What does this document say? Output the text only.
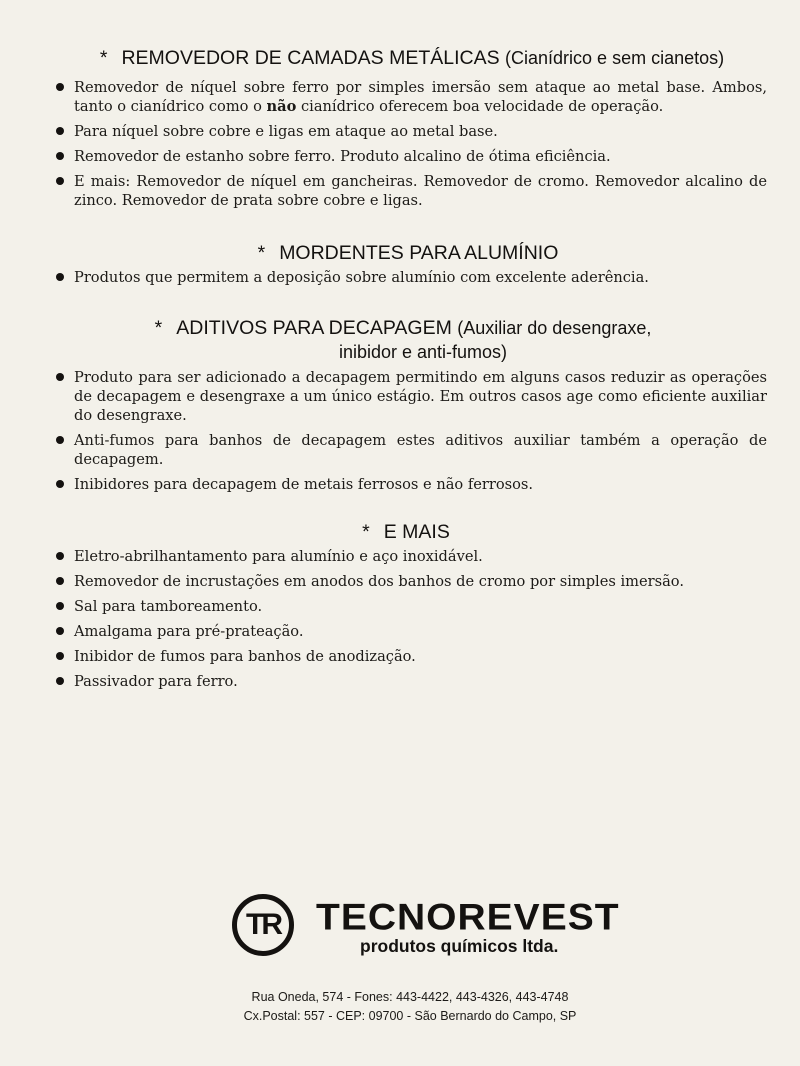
* REMOVEDOR DE CAMADAS METÁLICAS (Cianídrico e sem cianetos)
Removedor de níquel sobre ferro por simples imersão sem ataque ao metal base. Ambos, tanto o cianídrico como o não cianídrico oferecem boa velocidade de operação.
Para níquel sobre cobre e ligas em ataque ao metal base.
Removedor de estanho sobre ferro. Produto alcalino de ótima eficiência.
E mais: Removedor de níquel em gancheiras. Removedor de cromo. Removedor alcalino de zinco. Removedor de prata sobre cobre e ligas.
* MORDENTES PARA ALUMÍNIO
Produtos que permitem a deposição sobre alumínio com excelente aderência.
* ADITIVOS PARA DECAPAGEM (Auxiliar do desengraxe,
inibidor e anti-fumos)
Produto para ser adicionado a decapagem permitindo em alguns casos reduzir as operações de decapagem e desengraxe a um único estágio. Em outros casos age como eficiente auxiliar do desengraxe.
Anti-fumos para banhos de decapagem estes aditivos auxiliar também a operação de decapagem.
Inibidores para decapagem de metais ferrosos e não ferrosos.
* E MAIS
Eletro-abrilhantamento para alumínio e aço inoxidável.
Removedor de incrustações em anodos dos banhos de cromo por simples imersão.
Sal para tamboreamento.
Amalgama para pré-prateação.
Inibidor de fumos para banhos de anodização.
Passivador para ferro.
TR TECNOREVEST
produtos químicos ltda.
Rua Oneda, 574 - Fones: 443-4422, 443-4326, 443-4748
Cx.Postal: 557 - CEP: 09700 - São Bernardo do Campo, SP
